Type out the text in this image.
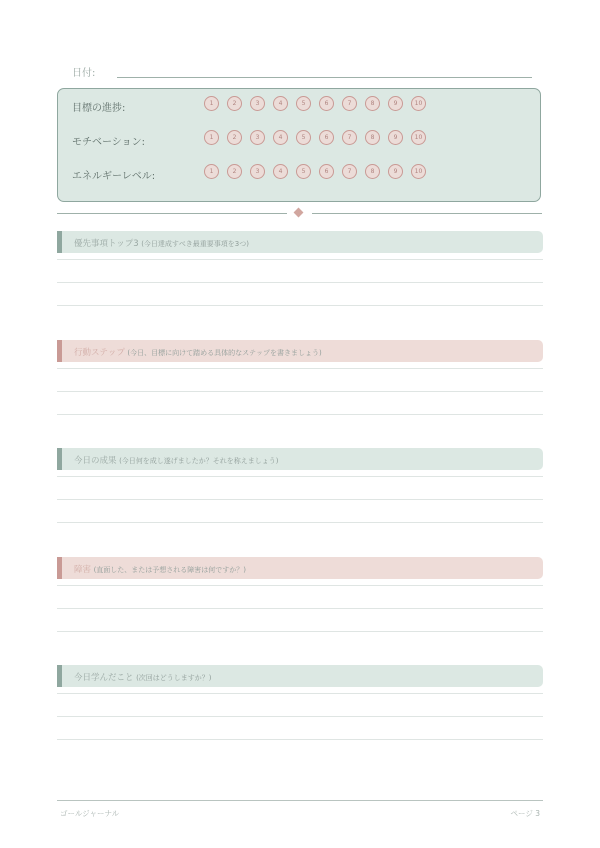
日付:
目標の進捗:	1	2	3	4	5	6	7	8	9	10
モチベーション:	1	2	3	4	5	6	7	8	9	10
エネルギーレベル:	1	2	3	4	5	6	7	8	9	10
優先事項トップ3 (今日達成すべき最重要事項を3つ)
行動ステップ (今日、目標に向けて踏める具体的なステップを書きましょう)
今日の成果 (今日何を成し遂げましたか？それを称えましょう)
障害 (直面した、または予想される障害は何ですか？)
今日学んだこと (次回はどうしますか？)
ゴールジャーナル	ページ 3
